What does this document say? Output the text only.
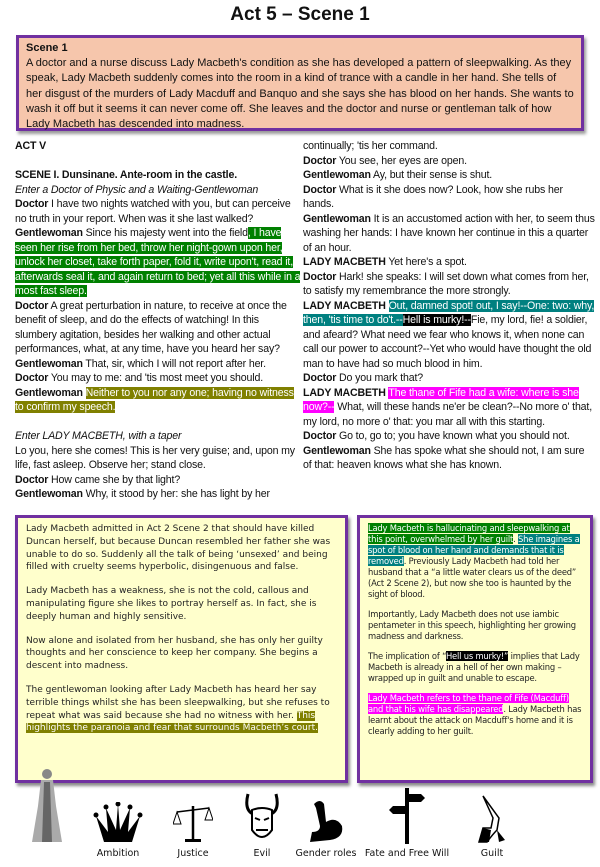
Act 5 – Scene 1
Scene 1
A doctor and a nurse discuss Lady Macbeth's condition as she has developed a pattern of sleepwalking. As they speak, Lady Macbeth suddenly comes into the room in a kind of trance with a candle in her hand. She tells of her disgust of the murders of Lady Macduff and Banquo and she says she has blood on her hands. She wants to wash it off but it seems it can never come off. She leaves and the doctor and nurse or gentleman talk of how Lady Macbeth has descended into madness.
ACT V
SCENE I. Dunsinane. Ante-room in the castle.
Enter a Doctor of Physic and a Waiting-Gentlewoman
Doctor I have two nights watched with you, but can perceive no truth in your report. When was it she last walked?
Gentlewoman Since his majesty went into the field, I have seen her rise from her bed, throw her night-gown upon her, unlock her closet, take forth paper, fold it, write upon't, read it, afterwards seal it, and again return to bed; yet all this while in a most fast sleep.
Doctor A great perturbation in nature, to receive at once the benefit of sleep, and do the effects of watching! In this slumbery agitation, besides her walking and other actual performances, what, at any time, have you heard her say?
Gentlewoman That, sir, which I will not report after her.
Doctor You may to me: and 'tis most meet you should.
Gentlewoman Neither to you nor any one; having no witness to confirm my speech.
Enter LADY MACBETH, with a taper
Lo you, here she comes! This is her very guise; and, upon my life, fast asleep. Observe her; stand close.
Doctor How came she by that light?
Gentlewoman Why, it stood by her: she has light by her
continually; 'tis her command.
Doctor You see, her eyes are open.
Gentlewoman Ay, but their sense is shut.
Doctor What is it she does now? Look, how she rubs her hands.
Gentlewoman It is an accustomed action with her, to seem thus washing her hands: I have known her continue in this a quarter of an hour.
LADY MACBETH Yet here's a spot.
Doctor Hark! she speaks: I will set down what comes from her, to satisfy my remembrance the more strongly.
LADY MACBETH Out, damned spot! out, I say!--One: two: why, then, 'tis time to do't.--Hell is murky!--Fie, my lord, fie! a soldier, and afeard? What need we fear who knows it, when none can call our power to account?--Yet who would have thought the old man to have had so much blood in him.
Doctor Do you mark that?
LADY MACBETH The thane of Fife had a wife: where is she now?-- What, will these hands ne'er be clean?--No more o' that, my lord, no more o' that: you mar all with this starting.
Doctor Go to, go to; you have known what you should not.
Gentlewoman She has spoke what she should not, I am sure of that: heaven knows what she has known.
Lady Macbeth admitted in Act 2 Scene 2 that should have killed Duncan herself, but because Duncan resembled her father she was unable to do so. Suddenly all the talk of being ‘unsexed’ and being filled with cruelty seems hyperbolic, disingenuous and false.
Lady Macbeth has a weakness, she is not the cold, callous and manipulating figure she likes to portray herself as. In fact, she is deeply human and highly sensitive.
Now alone and isolated from her husband, she has only her guilty thoughts and her conscience to keep her company. She begins a descent into madness.
The gentlewoman looking after Lady Macbeth has heard her say terrible things whilst she has been sleepwalking, but she refuses to repeat what was said because she had no witness with her. This highlights the paranoia and fear that surrounds Macbeth’s court.
Lady Macbeth is hallucinating and sleepwalking at this point, overwhelmed by her guilt. She imagines a spot of blood on her hand and demands that it is removed. Previously Lady Macbeth had told her husband that a “a little water clears us of the deed” (Act 2 Scene 2), but now she too is haunted by the sight of blood.
Importantly, Lady Macbeth does not use iambic pentameter in this speech, highlighting her growing madness and darkness.
The implication of “Hell us murky!” implies that Lady Macbeth is already in a hell of her own making – wrapped up in guilt and unable to escape.
Lady Macbeth refers to the thane of Fife (Macduff) and that his wife has disappeared. Lady Macbeth has learnt about the attack on Macduff's home and it is clearly adding to her guilt.
Ambition	Justice	Evil	Gender roles Fate and Free Will	Guilt
